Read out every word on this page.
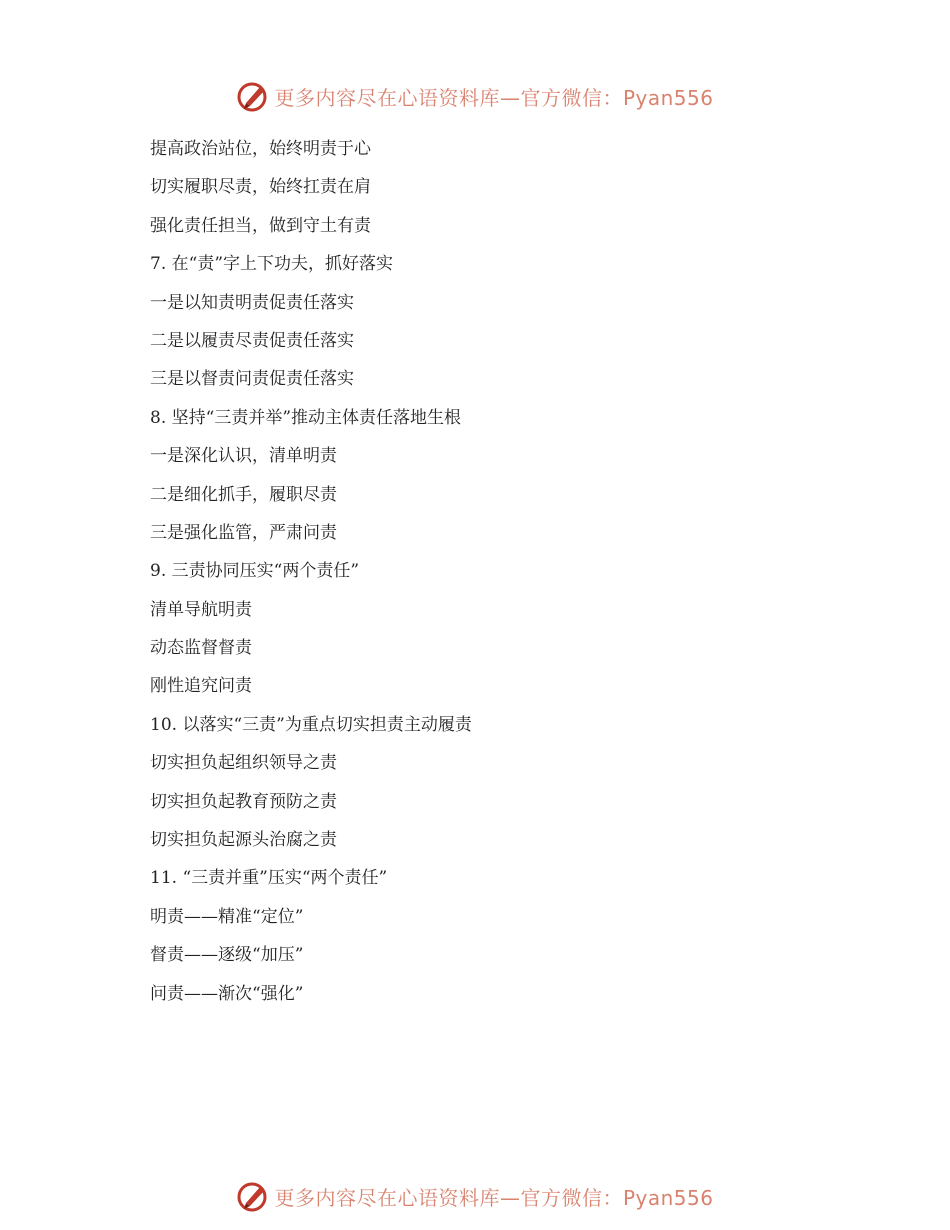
更多内容尽在心语资料库—官方微信：Pyan556
提高政治站位，始终明责于心
切实履职尽责，始终扛责在肩
强化责任担当，做到守土有责
7. 在“责”字上下功夫，抓好落实
一是以知责明责促责任落实
二是以履责尽责促责任落实
三是以督责问责促责任落实
8. 坚持“三责并举”推动主体责任落地生根
一是深化认识，清单明责
二是细化抓手，履职尽责
三是强化监管，严肃问责
9. 三责协同压实“两个责任”
清单导航明责
动态监督督责
刚性追究问责
10. 以落实“三责”为重点切实担责主动履责
切实担负起组织领导之责
切实担负起教育预防之责
切实担负起源头治腐之责
11. “三责并重”压实“两个责任”
明责——精准“定位”
督责——逐级“加压”
问责——渐次“强化”
更多内容尽在心语资料库—官方微信：Pyan556
